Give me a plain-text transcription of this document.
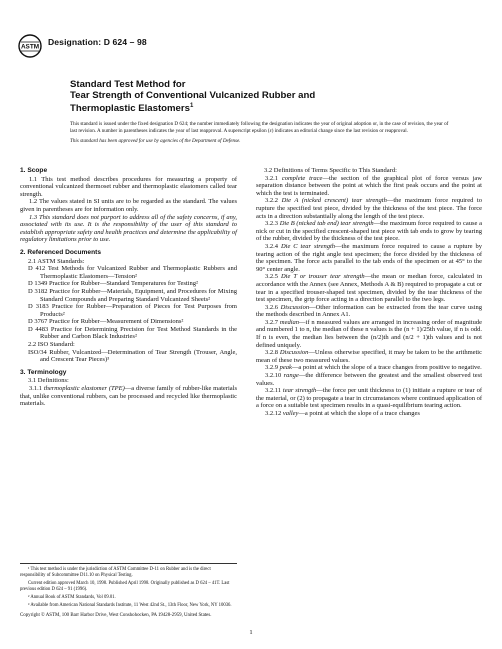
ASTM Designation: D 624 – 98
Standard Test Method for
Tear Strength of Conventional Vulcanized Rubber and
Thermoplastic Elastomers$^1$

This standard is issued under the fixed designation D 624; the number immediately following the designation indicates the year of original adoption or, in the case of revision, the year of last revision. A number in parentheses indicates the year of last reapproval. A superscript epsilon (ε) indicates an editorial change since the last revision or reapproval.

This standard has been approved for use by agencies of the Department of Defense.

1. Scope

1.1 This test method describes procedures for measuring a property of conventional vulcanized thermoset rubber and thermoplastic elastomers called tear strength.

1.2 The values stated in SI units are to be regarded as the standard. The values given in parentheses are for information only.

1.3 This standard does not purport to address all of the safety concerns, if any, associated with its use. It is the responsibility of the user of this standard to establish appropriate safety and health practices and determine the applicability of regulatory limitations prior to use.

2. Referenced Documents

2.1 ASTM Standards:

D 412 Test Methods for Vulcanized Rubber and Thermoplastic Rubbers and Thermoplastic Elastomers—Tension²

D 1349 Practice for Rubber—Standard Temperatures for Testing²

D 3182 Practice for Rubber—Materials, Equipment, and Procedures for Mixing Standard Compounds and Preparing Standard Vulcanized Sheets²

D 3183 Practice for Rubber—Preparation of Pieces for Test Purposes from Products²

D 3767 Practice for Rubber—Measurement of Dimensions²

D 4483 Practice for Determining Precision for Test Method Standards in the Rubber and Carbon Black Industries²

2.2 ISO Standard:

ISO/34 Rubber, Vulcanized—Determination of Tear Strength (Trouser, Angle, and Crescent Tear Pieces)³

3. Terminology

3.1 Definitions:

3.1.1 thermoplastic elastomer (TPE)—a diverse family of rubber-like materials that, unlike conventional rubbers, can be processed and recycled like thermoplastic materials.

3.2 Definitions of Terms Specific to This Standard:

3.2.1 complete trace—the section of the graphical plot of force versus jaw separation distance between the point at which the first peak occurs and the point at which the test is terminated.

3.2.2 Die A (nicked crescent) tear strength—the maximum force required to rupture the specified test piece, divided by the thickness of the test piece. The force acts in a direction substantially along the length of the test piece.

3.2.3 Die B (nicked tab end) tear strength—the maximum force required to cause a nick or cut in the specified crescent-shaped test piece with tab ends to grow by tearing of the rubber, divided by the thickness of the test piece.

3.2.4 Die C tear strength—the maximum force required to cause a rupture by tearing action of the right angle test specimen; the force divided by the thickness of the specimen. The force acts parallel to the tab ends of the specimen or at 45° to the 90° center angle.

3.2.5 Die T or trouser tear strength—the mean or median force, calculated in accordance with the Annex (see Annex, Methods A & B) required to propagate a cut or tear in a specified trouser-shaped test specimen, divided by the tear thickness of the test specimen, the grip force acting in a direction parallel to the two legs.

3.2.6 Discussion—Other information can be extracted from the tear curve using the methods described in Annex A1.

3.2.7 median—if n measured values are arranged in increasing order of magnitude and numbered 1 to n, the median of these n values is the (n + 1)/25th value, if n is odd. If n is even, the median lies between the (n/2)th and (n/2 + 1)th values and is not defined uniquely.

3.2.8 Discussion—Unless otherwise specified, it may be taken to be the arithmetic mean of these two measured values.

3.2.9 peak—a point at which the slope of a trace changes from positive to negative.

3.2.10 range—the difference between the greatest and the smallest observed test values.

3.2.11 tear strength—the force per unit thickness to (1) initiate a rupture or tear of the material, or (2) to propagate a tear in circumstances where continued application of a force on a suitable test specimen results in a quasi-equilibrium tearing action.

3.2.12 valley—a point at which the slope of a trace changes

¹ This test method is under the jurisdiction of ASTM Committee D-11 on Rubber and is the direct responsibility of Subcommittee D11.10 on Physical Testing.

Current edition approved March 10, 1998. Published April 1998. Originally published as D 624 – 41T. Last previous edition D 624 – 91 (1996).

² Annual Book of ASTM Standards, Vol 09.01.

³ Available from American National Standards Institute, 11 West 42nd St., 13th Floor, New York, NY 10036.

Copyright © ASTM, 100 Barr Harbor Drive, West Conshohocken, PA 19428-2959, United States.
1
